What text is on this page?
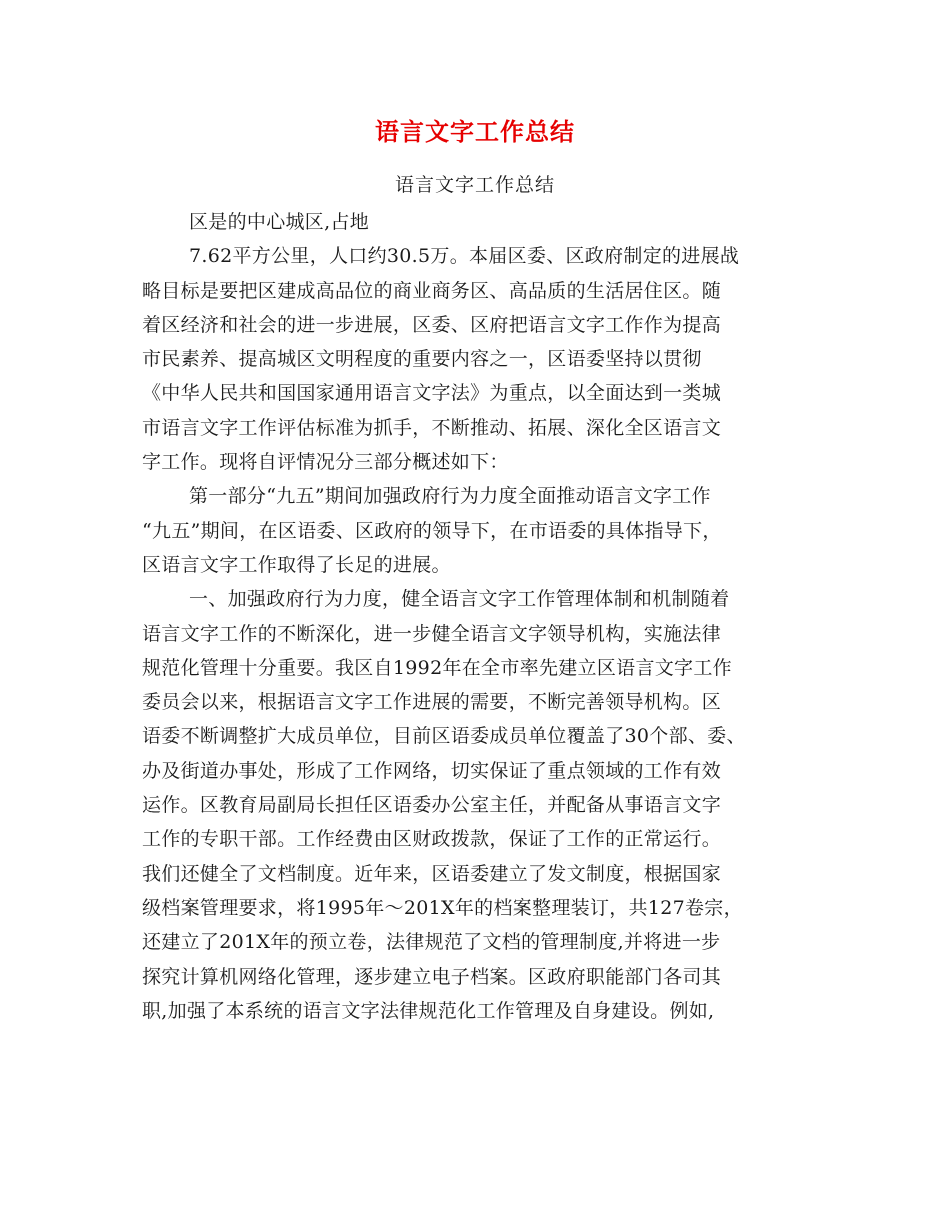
语言文字工作总结
语言文字工作总结
区是的中心城区,占地
7.62平方公里，人口约30.5万。本届区委、区政府制定的进展战
略目标是要把区建成高品位的商业商务区、高品质的生活居住区。随
着区经济和社会的进一步进展，区委、区府把语言文字工作作为提高
市民素养、提高城区文明程度的重要内容之一，区语委坚持以贯彻
《中华人民共和国国家通用语言文字法》为重点，以全面达到一类城
市语言文字工作评估标准为抓手，不断推动、拓展、深化全区语言文
字工作。现将自评情况分三部分概述如下：
第一部分“九五”期间加强政府行为力度全面推动语言文字工作
“九五”期间，在区语委、区政府的领导下，在市语委的具体指导下，
区语言文字工作取得了长足的进展。
一、加强政府行为力度，健全语言文字工作管理体制和机制随着
语言文字工作的不断深化，进一步健全语言文字领导机构，实施法律
规范化管理十分重要。我区自1992年在全市率先建立区语言文字工作
委员会以来，根据语言文字工作进展的需要，不断完善领导机构。区
语委不断调整扩大成员单位，目前区语委成员单位覆盖了30个部、委、
办及街道办事处，形成了工作网络，切实保证了重点领域的工作有效
运作。区教育局副局长担任区语委办公室主任，并配备从事语言文字
工作的专职干部。工作经费由区财政拨款，保证了工作的正常运行。
我们还健全了文档制度。近年来，区语委建立了发文制度，根据国家
级档案管理要求，将1995年～201X年的档案整理装订，共127卷宗，
还建立了201X年的预立卷，法律规范了文档的管理制度,并将进一步
探究计算机网络化管理，逐步建立电子档案。区政府职能部门各司其
职,加强了本系统的语言文字法律规范化工作管理及自身建设。例如,
